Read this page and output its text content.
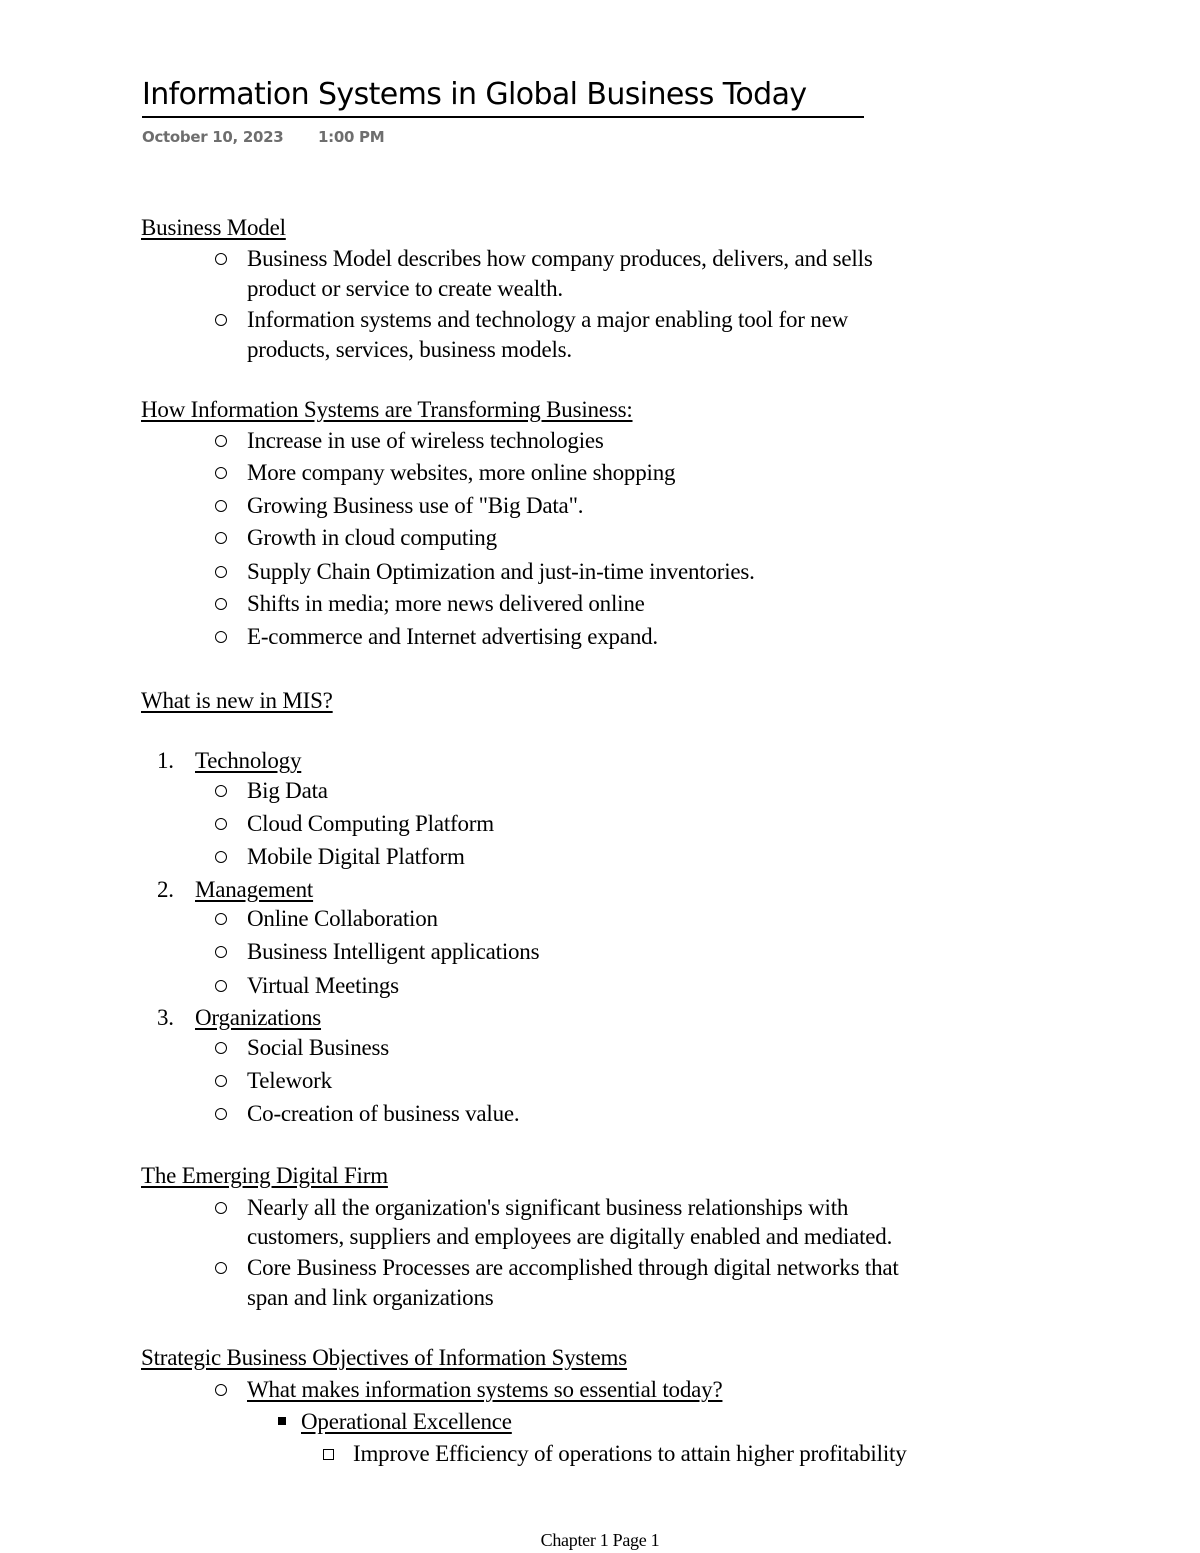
Information Systems in Global Business Today
October 10, 2023 1:00 PM
Business Model
Business Model describes how company produces, delivers, and sells
product or service to create wealth.
Information systems and technology a major enabling tool for new
products, services, business models.
How Information Systems are Transforming Business:
Increase in use of wireless technologies
More company websites, more online shopping
Growing Business use of "Big Data".
Growth in cloud computing
Supply Chain Optimization and just-in-time inventories.
Shifts in media; more news delivered online
E-commerce and Internet advertising expand.
What is new in MIS?
1. Technology
Big Data
Cloud Computing Platform
Mobile Digital Platform
2. Management
Online Collaboration
Business Intelligent applications
Virtual Meetings
3. Organizations
Social Business
Telework
Co-creation of business value.
The Emerging Digital Firm
Nearly all the organization's significant business relationships with
customers, suppliers and employees are digitally enabled and mediated.
Core Business Processes are accomplished through digital networks that
span and link organizations
Strategic Business Objectives of Information Systems
What makes information systems so essential today?
Operational Excellence
Improve Efficiency of operations to attain higher profitability
Chapter 1 Page 1
